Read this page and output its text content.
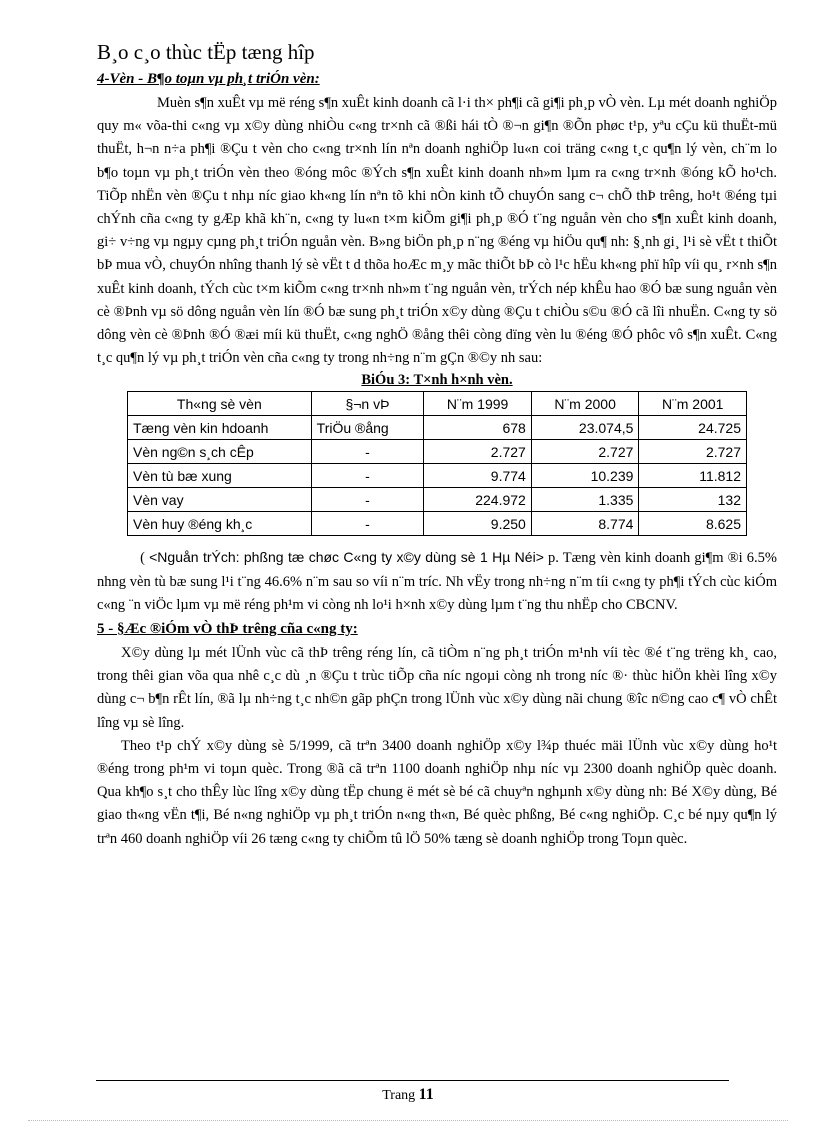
B¸o c¸o thùc tËp tæng hîp
4-Vèn - B¶o toµn vµ ph¸t triÓn vèn:

Muèn s¶n xuÊt vµ më réng s¶n xuÊt kinh doanh cã l·i th× ph¶i cã gi¶i ph¸p vÒ vèn. Lµ mét doanh nghiÖp quy m« võa-thi c«ng vµ x©y dùng nhiÒu c«ng tr×nh cã ®ßi hái tÒ ®¬n gi¶n ®Õn phøc t¹p, yªu cÇu kü thuËt-mü thuËt, h¬n n÷a ph¶i ®Çu t vèn cho c«ng tr×nh lín nªn doanh nghiÖp lu«n coi träng c«ng t¸c qu¶n lý vèn, ch¨m lo b¶o toµn vµ ph¸t triÓn vèn theo ®óng môc ®Ých s¶n xuÊt kinh doanh nh»m lµm ra c«ng tr×nh ®óng kÕ ho¹ch. TiÕp nhËn vèn ®Çu t nhµ níc giao kh«ng lín nªn tõ khi nÒn kinh tÕ chuyÓn sang c¬ chÕ thÞ trêng, ho¹t ®éng tµi chÝnh cña c«ng ty gÆp khã kh¨n, c«ng ty lu«n t×m kiÕm gi¶i ph¸p ®Ó t¨ng nguån vèn cho s¶n xuÊt kinh doanh, gi÷ v÷ng vµ ngµy cµng ph¸t triÓn nguån vèn. B»ng biÖn ph¸p n¨ng ®éng vµ hiÖu qu¶ nh: §¸nh gi¸ l¹i sè vËt t thiÕt bÞ mua vÒ, chuyÓn nhîng thanh lý sè vËt t d thõa hoÆc m¸y mãc thiÕt bÞ cò l¹c hËu kh«ng phï hîp víi qu¸ r×nh s¶n xuÊt kinh doanh, tÝch cùc t×m kiÕm c«ng tr×nh nh»m t¨ng nguån vèn, trÝch nép khÊu hao ®Ó bæ sung nguån vèn cè ®Þnh vµ sö dông nguån vèn lín ®Ó bæ sung ph¸t triÓn x©y dùng ®Çu t chiÒu s©u ®Ó cã lîi nhuËn. C«ng ty sö dông vèn cè ®Þnh ®Ó ®æi míi kü thuËt, c«ng nghÖ ®ång thêi còng dïng vèn lu ®éng ®Ó phôc vô s¶n xuÊt. C«ng t¸c qu¶n lý vµ ph¸t triÓn vèn cña c«ng ty trong nh÷ng n¨m gÇn ®©y nh sau:

BiÓu 3: T×nh h×nh vèn.
Th«ng sè vèn	§¬n vÞ	N¨m 1999	N¨m 2000	N¨m 2001
Tæng vèn kin hdoanh	TriÖu ®ång	678	23.074,5	24.725
Vèn ng©n s¸ch cÊp	-	2.727	2.727	2.727
Vèn tù bæ xung	-	9.774	10.239	11.812
Vèn vay	-	224.972	1.335	132
Vèn huy ®éng kh¸c	-	9.250	8.774	8.625

( <Nguån trÝch: phßng tæ chøc C«ng ty x©y dùng sè 1 Hµ Néi> p. Tæng vèn kinh doanh gi¶m ®i 6.5% nhng vèn tù bæ sung l¹i t¨ng 46.6% n¨m sau so víi n¨m tríc. Nh vËy trong nh÷ng n¨m tíi c«ng ty ph¶i tÝch cùc kiÓm c«ng ¨n viÖc lµm vµ më réng ph¹m vi còng nh lo¹i h×nh x©y dùng lµm t¨ng thu nhËp cho CBCNV.

5 - §Æc ®iÓm vÒ thÞ trêng cña c«ng ty:

X©y dùng lµ mét lÜnh vùc cã thÞ trêng réng lín, cã tiÒm n¨ng ph¸t triÓn m¹nh víi tèc ®é t¨ng trëng kh¸ cao, trong thêi gian võa qua nhê c¸c dù ¸n ®Çu t trùc tiÕp cña níc ngoµi còng nh trong níc ®· thùc hiÖn khèi lîng x©y dùng c¬ b¶n rÊt lín, ®ã lµ nh÷ng t¸c nh©n gãp phÇn trong lÜnh vùc x©y dùng nãi chung ®îc n©ng cao c¶ vÒ chÊt lîng vµ sè lîng.

Theo t¹p chÝ x©y dùng sè 5/1999, cã trªn 3400 doanh nghiÖp x©y l¾p thuéc mäi lÜnh vùc x©y dùng ho¹t ®éng trong ph¹m vi toµn quèc. Trong ®ã cã trªn 1100 doanh nghiÖp nhµ níc vµ 2300 doanh nghiÖp quèc doanh. Qua kh¶o s¸t cho thÊy lùc lîng x©y dùng tËp chung ë mét sè bé cã chuyªn nghµnh x©y dùng nh: Bé X©y dùng, Bé giao th«ng vËn t¶i, Bé n«ng nghiÖp vµ ph¸t triÓn n«ng th«n, Bé quèc phßng, Bé c«ng nghiÖp. C¸c bé nµy qu¶n lý trªn 460 doanh nghiÖp víi 26 tæng c«ng ty chiÕm tû lÖ 50% tæng sè doanh nghiÖp trong Toµn quèc.

Trang 11
